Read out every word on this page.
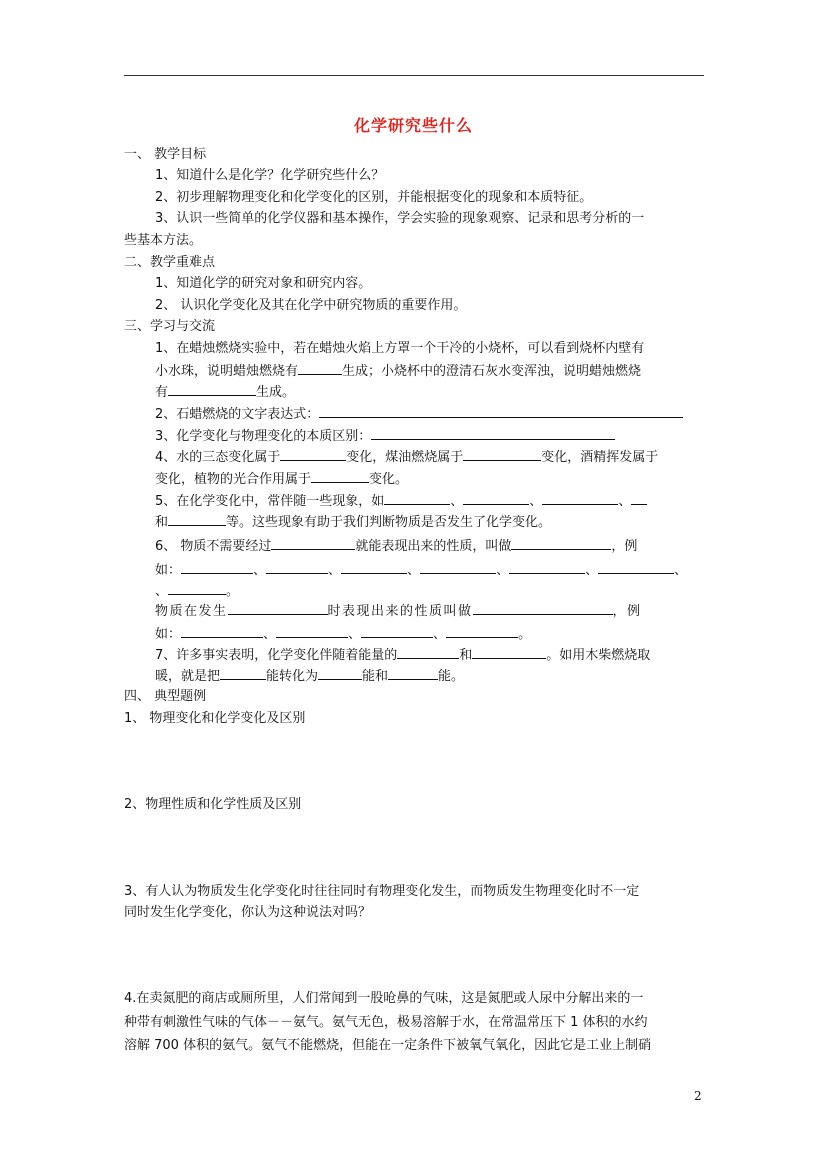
化学研究些什么
一、 教学目标
1、知道什么是化学？化学研究些什么？
2、初步理解物理变化和化学变化的区别，并能根据变化的现象和本质特征。
3、认识一些简单的化学仪器和基本操作，学会实验的现象观察、记录和思考分析的一
些基本方法。
二、教学重难点
1、知道化学的研究对象和研究内容。
2、 认识化学变化及其在化学中研究物质的重要作用。
三、学习与交流
1、在蜡烛燃烧实验中，若在蜡烛火焰上方罩一个干冷的小烧杯，可以看到烧杯内壁有
小水珠，说明蜡烛燃烧有	生成；小烧杯中的澄清石灰水变浑浊，说明蜡烛燃烧
有	生成。
2、石蜡燃烧的文字表达式：
3、化学变化与物理变化的本质区别：
4、水的三态变化属于	变化，煤油燃烧属于	变化，酒精挥发属于
变化，植物的光合作用属于	变化。
5、在化学变化中，常伴随一些现象，如	、	、	、
和	等。这些现象有助于我们判断物质是否发生了化学变化。
6、 物质不需要经过	就能表现出来的性质，叫做	，例
如：	、	、	、	、	、	、
、	。
物质在发生	时表现出来的性质叫做	，例
如：	、	、	、	。
7、许多事实表明，化学变化伴随着能量的	和	。如用木柴燃烧取
暖，就是把	能转化为	能和	能。
四、 典型题例
1、 物理变化和化学变化及区别
2、物理性质和化学性质及区别
3、有人认为物质发生化学变化时往往同时有物理变化发生，而物质发生物理变化时不一定
同时发生化学变化，你认为这种说法对吗？
4.在卖氮肥的商店或厕所里，人们常闻到一股呛鼻的气味，这是氮肥或人尿中分解出来的一
种带有刺激性气味的气体－－氨气。氨气无色，极易溶解于水，在常温常压下 1 体积的水约
溶解 700 体积的氨气。氨气不能燃烧，但能在一定条件下被氧气氧化，因此它是工业上制硝
2
